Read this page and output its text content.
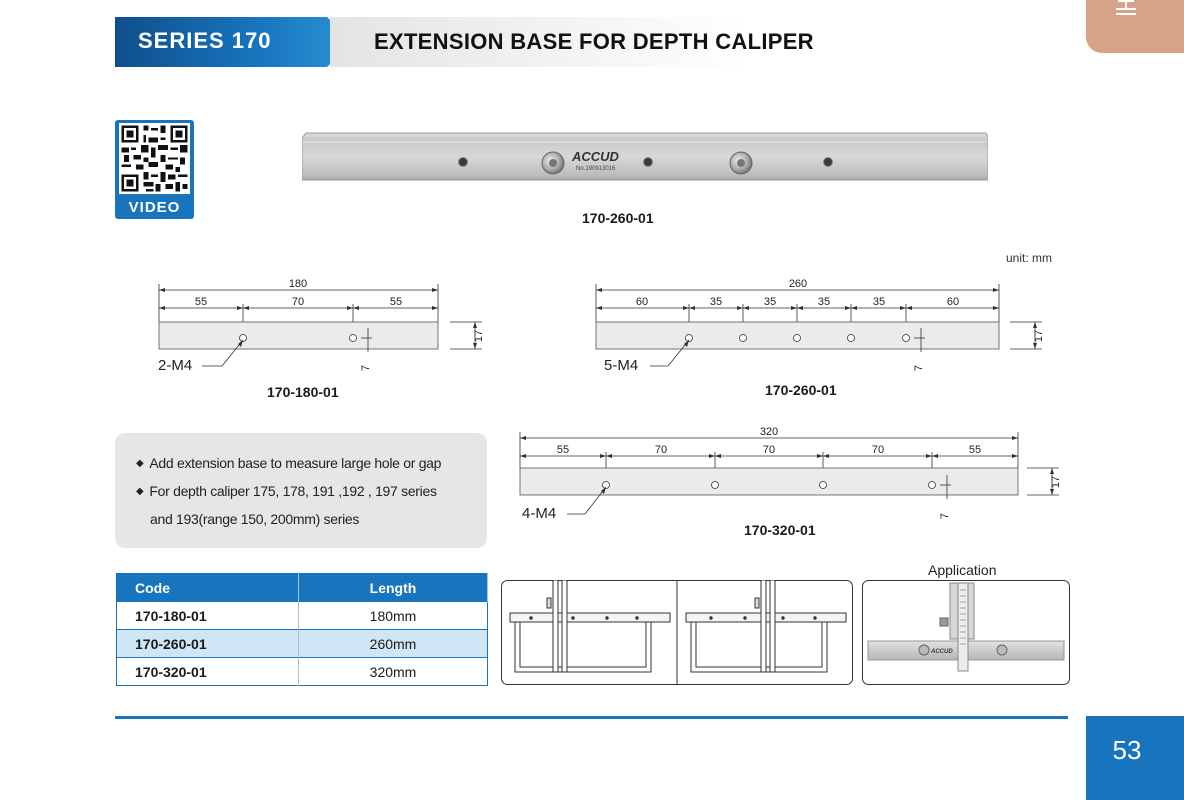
SERIES 170	EXTENSION BASE FOR DEPTH CALIPER
VIDEO
ACCUD
No.190913016
170-260-01
unit: mm
180
55	70	55
17
7
2-M4
170-180-01
260
60	35	35	35	35	60
17
7
5-M4
170-260-01
320
55	70	70	70	55
17
7
4-M4
170-320-01
◆ Add extension base to measure large hole or gap
◆ For depth caliper 175, 178, 191 ,192 , 197 series
and 193(range 150, 200mm) series
Code	Length
170-180-01	180mm
170-260-01	260mm
170-320-01	320mm
Application
ACCUD
53
